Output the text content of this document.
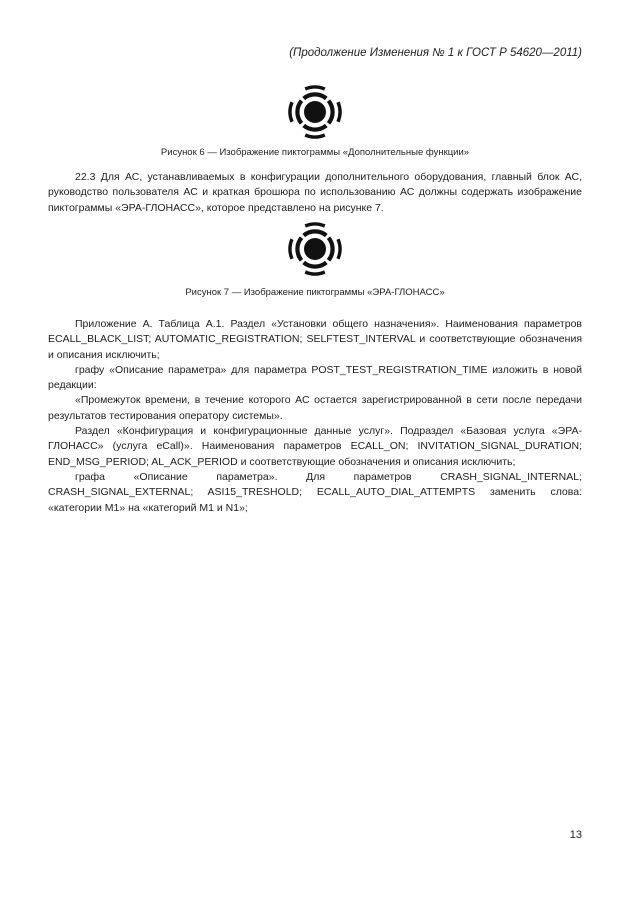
(Продолжение Изменения № 1 к ГОСТ Р 54620—2011)
Рисунок 6 — Изображение пиктограммы «Дополнительные функции»

22.3 Для АС, устанавливаемых в конфигурации дополнительного оборудования, главный блок АС, руководство пользователя АС и краткая брошюра по использованию АС должны содержать изображение пиктограммы «ЭРА-ГЛОНАСС», которое представлено на рисунке 7.

Рисунок 7 — Изображение пиктограммы «ЭРА-ГЛОНАСС»

Приложение А. Таблица А.1. Раздел «Установки общего назначения». Наименования параметров ECALL_BLACK_LIST; AUTOMATIC_REGISTRATION; SELFTEST_INTERVAL и соответствующие обозначения и описания исключить;

графу «Описание параметра» для параметра POST_TEST_REGISTRATION_TIME изложить в новой редакции:

«Промежуток времени, в течение которого АС остается зарегистрированной в сети после передачи результатов тестирования оператору системы».

Раздел «Конфигурация и конфигурационные данные услуг». Подраздел «Базовая услуга «ЭРА-ГЛОНАСС» (услуга eCall)». Наименования параметров ECALL_ON; INVITATION_SIGNAL_DURATION; END_MSG_PERIOD; AL_ACK_PERIOD и соответствующие обозначения и описания исключить;

графа «Описание параметра». Для параметров CRASH_SIGNAL_INTERNAL; CRASH_SIGNAL_EXTERNAL; ASI15_TRESHOLD; ECALL_AUTO_DIAL_ATTEMPTS заменить слова: «категории М1» на «категорий М1 и N1»;

13
